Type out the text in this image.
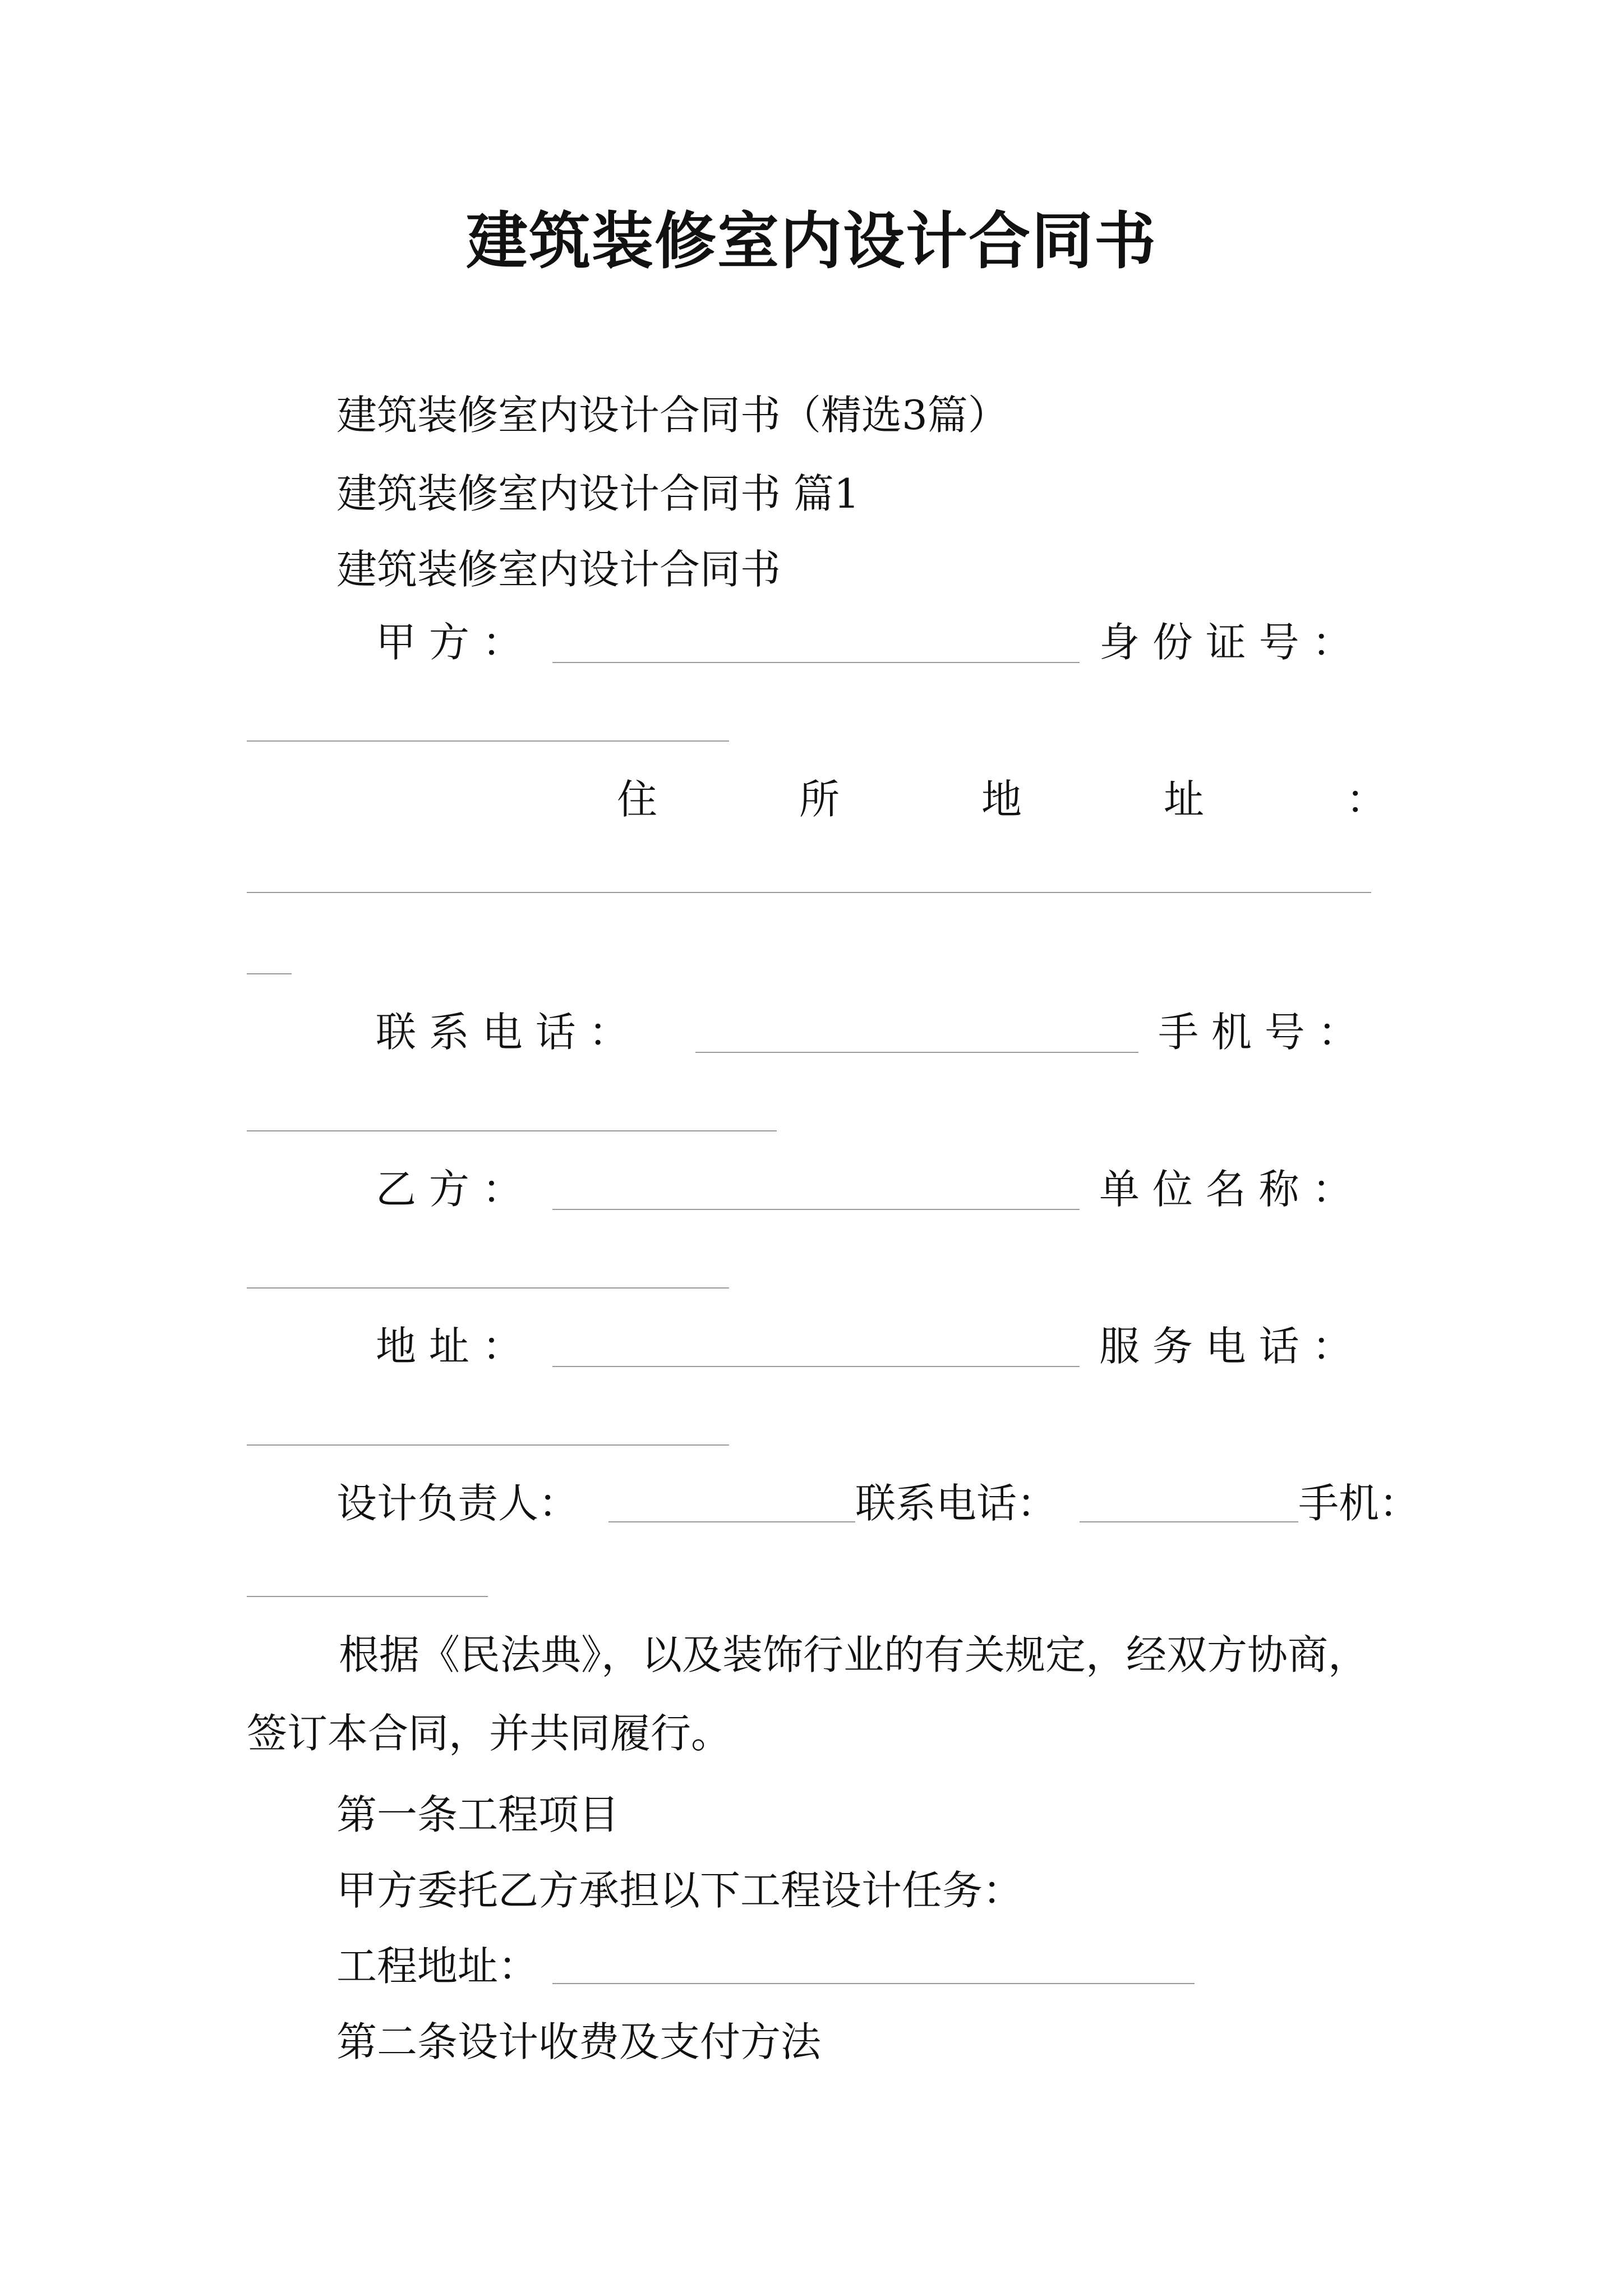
建筑装修室内设计合同书
建筑装修室内设计合同书（精选3篇）
建筑装修室内设计合同书 篇1
建筑装修室内设计合同书
甲 方 ：	身 份 证 号 ：
住	所	地	址	：
联 系 电 话 ：	手 机 号 ：
乙 方 ：	单 位 名 称 ：
地 址 ：	服 务 电 话 ：
设计负责人：	联系电话：	手机：
根据《民法典》，以及装饰行业的有关规定，经双方协商，签订本合同，并共同履行。
第一条工程项目
甲方委托乙方承担以下工程设计任务：
工程地址：
第二条设计收费及支付方法
